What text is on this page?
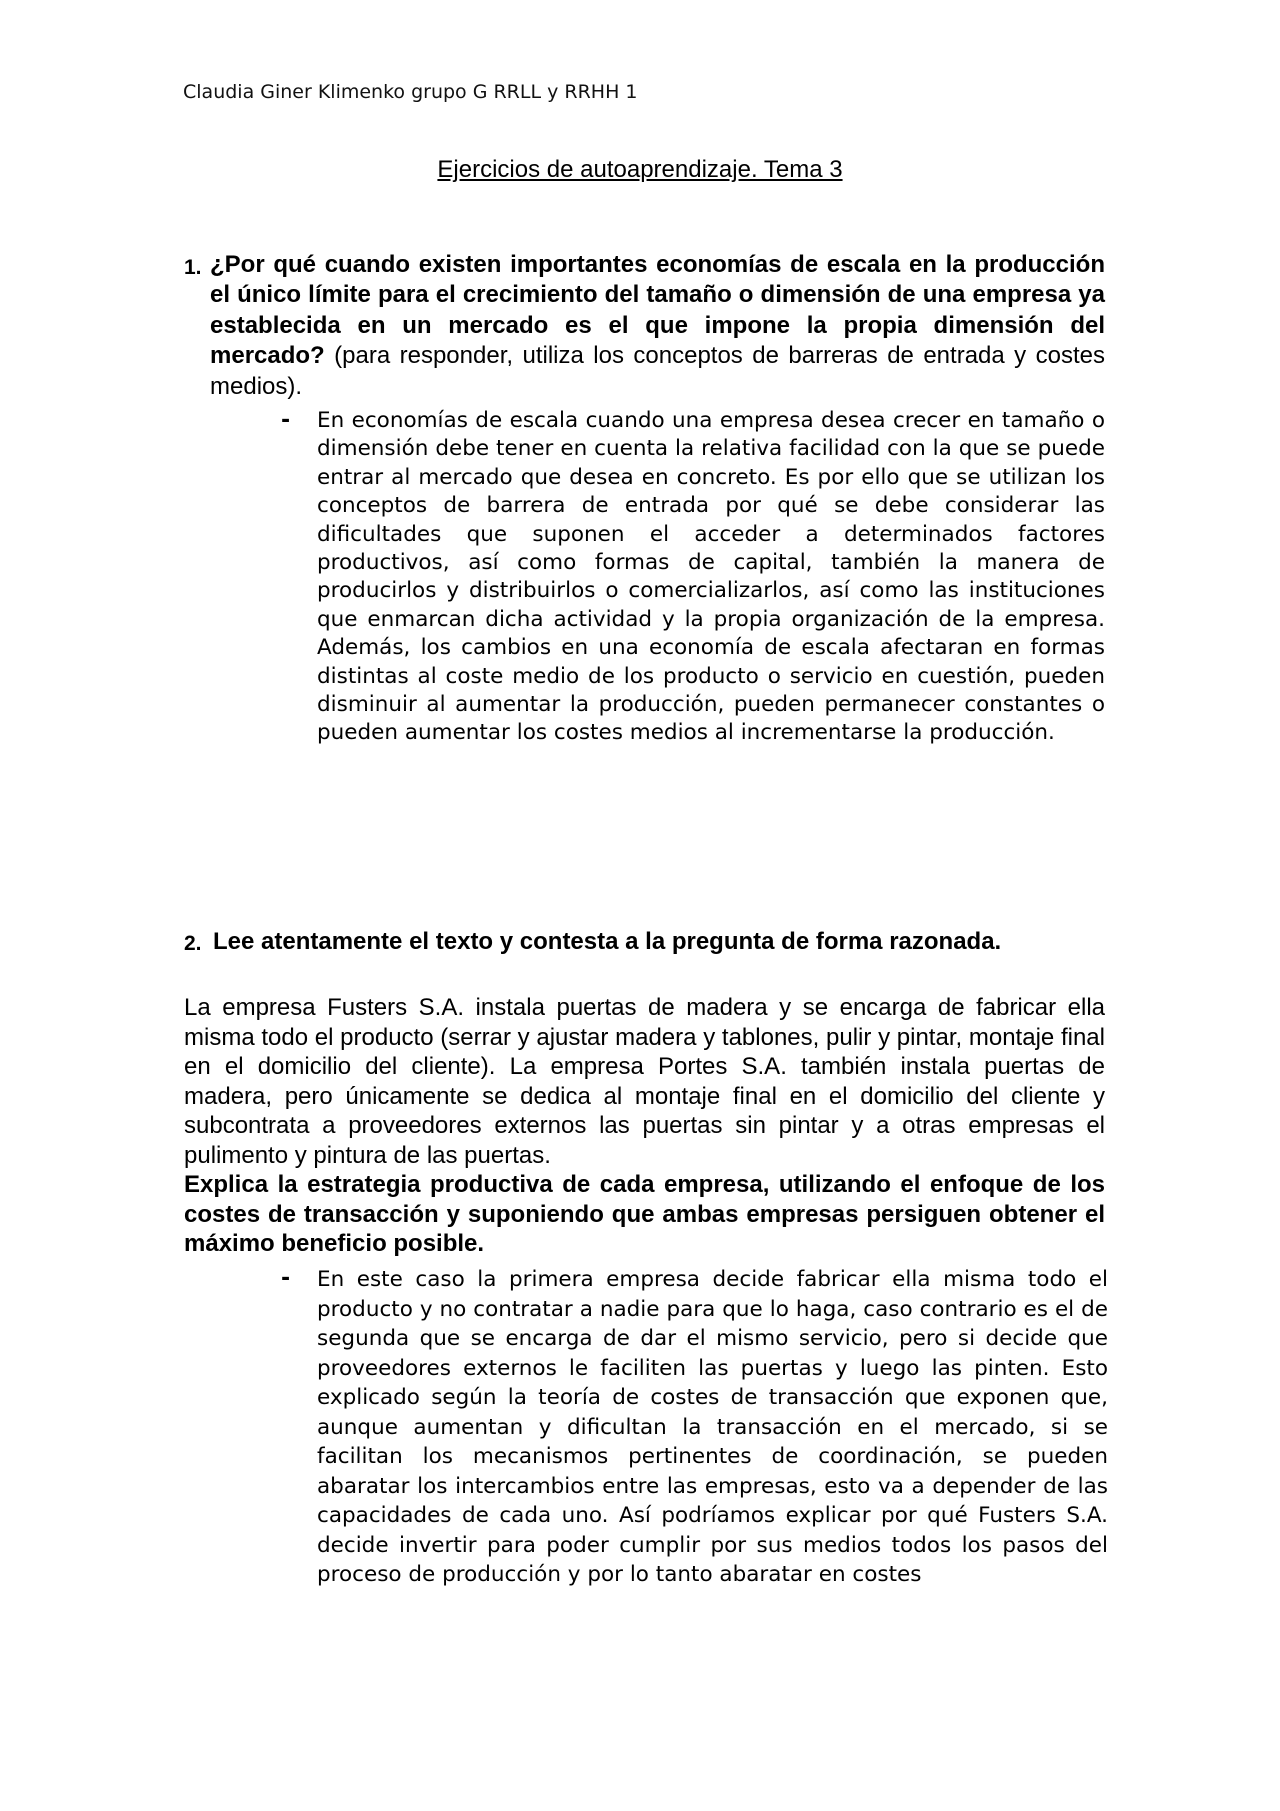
Claudia Giner Klimenko grupo G RRLL y RRHH 1
Ejercicios de autoaprendizaje. Tema 3
1. ¿Por qué cuando existen importantes economías de escala en la producción el único límite para el crecimiento del tamaño o dimensión de una empresa ya establecida en un mercado es el que impone la propia dimensión del mercado? (para responder, utiliza los conceptos de barreras de entrada y costes medios).
- En economías de escala cuando una empresa desea crecer en tamaño o dimensión debe tener en cuenta la relativa facilidad con la que se puede entrar al mercado que desea en concreto. Es por ello que se utilizan los conceptos de barrera de entrada por qué se debe considerar las dificultades que suponen el acceder a determinados factores productivos, así como formas de capital, también la manera de producirlos y distribuirlos o comercializarlos, así como las instituciones que enmarcan dicha actividad y la propia organización de la empresa. Además, los cambios en una economía de escala afectaran en formas distintas al coste medio de los producto o servicio en cuestión, pueden disminuir al aumentar la producción, pueden permanecer constantes o pueden aumentar los costes medios al incrementarse la producción.
2. Lee atentamente el texto y contesta a la pregunta de forma razonada.
La empresa Fusters S.A. instala puertas de madera y se encarga de fabricar ella misma todo el producto (serrar y ajustar madera y tablones, pulir y pintar, montaje final en el domicilio del cliente). La empresa Portes S.A. también instala puertas de madera, pero únicamente se dedica al montaje final en el domicilio del cliente y subcontrata a proveedores externos las puertas sin pintar y a otras empresas el pulimento y pintura de las puertas.
Explica la estrategia productiva de cada empresa, utilizando el enfoque de los costes de transacción y suponiendo que ambas empresas persiguen obtener el máximo beneficio posible.
- En este caso la primera empresa decide fabricar ella misma todo el producto y no contratar a nadie para que lo haga, caso contrario es el de segunda que se encarga de dar el mismo servicio, pero si decide que proveedores externos le faciliten las puertas y luego las pinten. Esto explicado según la teoría de costes de transacción que exponen que, aunque aumentan y dificultan la transacción en el mercado, si se facilitan los mecanismos pertinentes de coordinación, se pueden abaratar los intercambios entre las empresas, esto va a depender de las capacidades de cada uno. Así podríamos explicar por qué Fusters S.A. decide invertir para poder cumplir por sus medios todos los pasos del proceso de producción y por lo tanto abaratar en costes
